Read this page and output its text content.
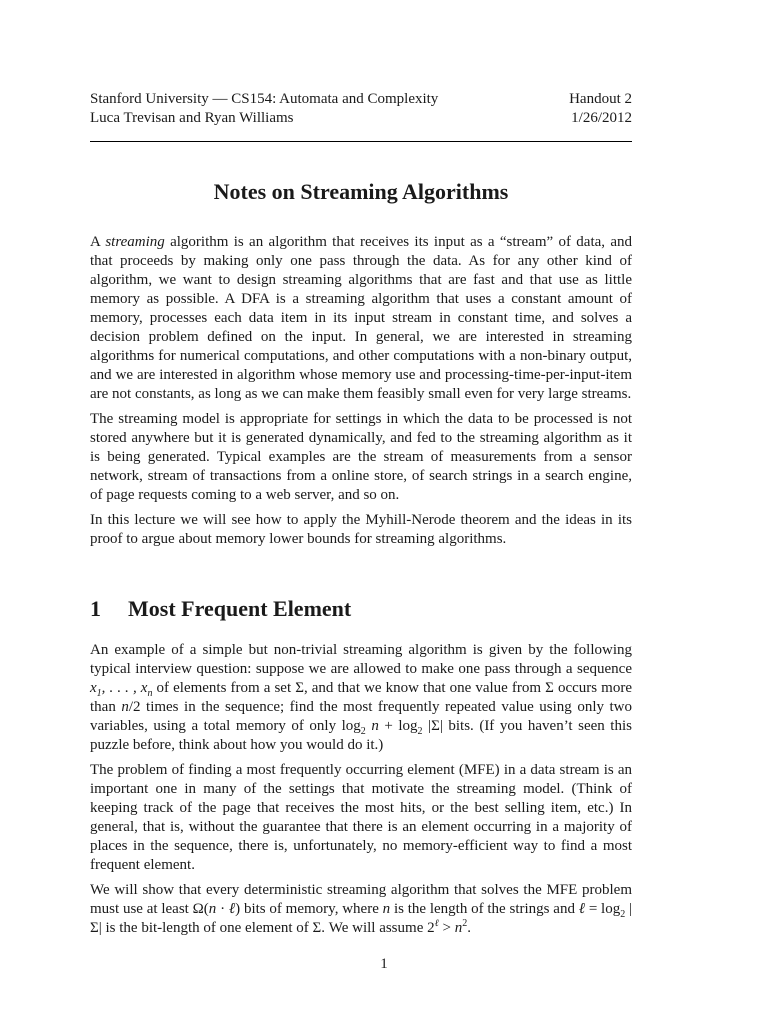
Stanford University — CS154: Automata and Complexity	Handout 2
Luca Trevisan and Ryan Williams	1/26/2012
Notes on Streaming Algorithms

A streaming algorithm is an algorithm that receives its input as a “stream” of data, and that proceeds by making only one pass through the data. As for any other kind of algorithm, we want to design streaming algorithms that are fast and that use as little memory as possible. A DFA is a streaming algorithm that uses a constant amount of memory, processes each data item in its input stream in constant time, and solves a decision problem defined on the input. In general, we are interested in streaming algorithms for numerical computations, and other computations with a non-binary output, and we are interested in algorithm whose memory use and processing-time-per-input-item are not constants, as long as we can make them feasibly small even for very large streams.

The streaming model is appropriate for settings in which the data to be processed is not stored anywhere but it is generated dynamically, and fed to the streaming algorithm as it is being generated. Typical examples are the stream of measurements from a sensor network, stream of transactions from a online store, of search strings in a search engine, of page requests coming to a web server, and so on.

In this lecture we will see how to apply the Myhill-Nerode theorem and the ideas in its proof to argue about memory lower bounds for streaming algorithms.

1 Most Frequent Element

An example of a simple but non-trivial streaming algorithm is given by the following typical interview question: suppose we are allowed to make one pass through a sequence $x_1$, . . . , $x_n$ of elements from a set Σ, and that we know that one value from Σ occurs more than n/2 times in the sequence; find the most frequently repeated value using only two variables, using a total memory of only $\log_2 n + \log_2 |\Sigma|$ bits. (If you haven’t seen this puzzle before, think about how you would do it.)

The problem of finding a most frequently occurring element (MFE) in a data stream is an important one in many of the settings that motivate the streaming model. (Think of keeping track of the page that receives the most hits, or the best selling item, etc.) In general, that is, without the guarantee that there is an element occurring in a majority of places in the sequence, there is, unfortunately, no memory-efficient way to find a most frequent element.

We will show that every deterministic streaming algorithm that solves the MFE problem must use at least Ω(n · ℓ) bits of memory, where n is the length of the strings and ℓ = $\log_2 |\Sigma|$ is the bit-length of one element of Σ. We will assume $2^\ell > n^2$.

1
